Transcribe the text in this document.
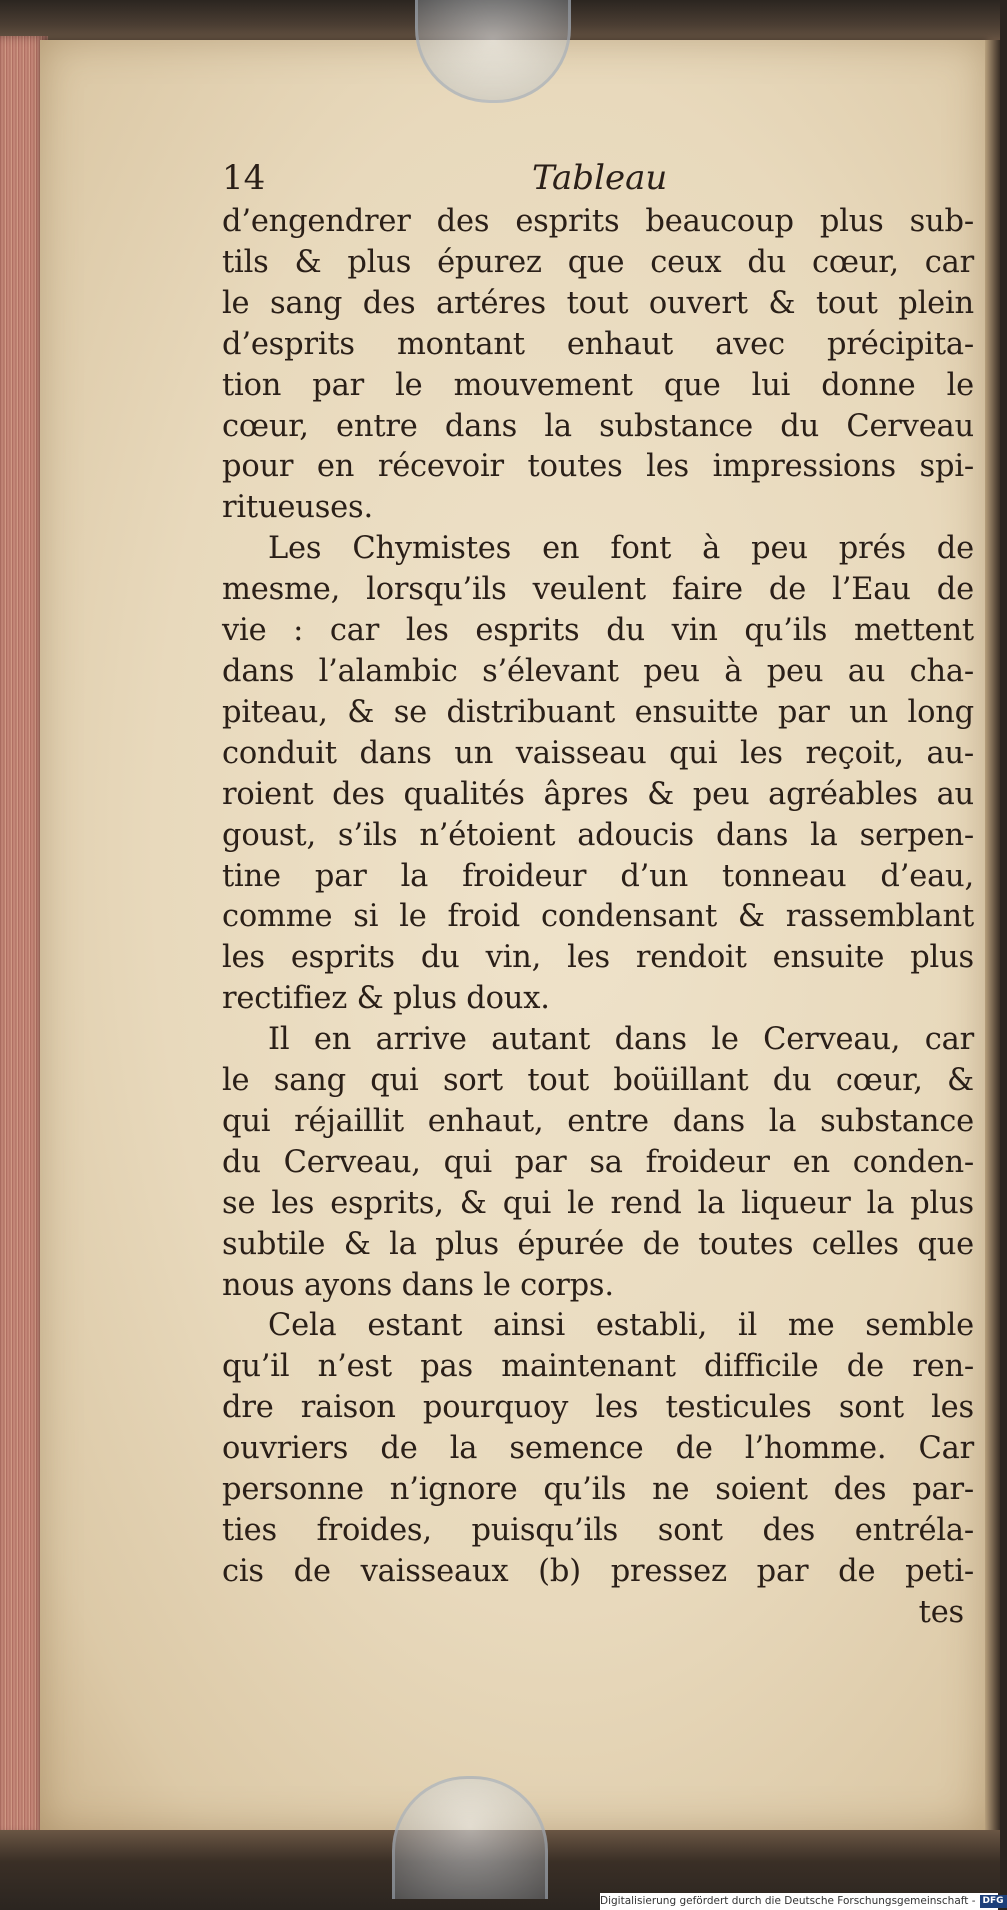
14	Tableau
d’engendrer des esprits beaucoup plus sub-
tils & plus épurez que ceux du cœur, car
le sang des artéres tout ouvert & tout plein
d’esprits montant enhaut avec précipita-
tion par le mouvement que lui donne le
cœur, entre dans la substance du Cerveau
pour en récevoir toutes les impressions spi-
ritueuses.
Les Chymistes en font à peu prés de
mesme, lorsqu’ils veulent faire de l’Eau de
vie : car les esprits du vin qu’ils mettent
dans l’alambic s’élevant peu à peu au cha-
piteau, & se distribuant ensuitte par un long
conduit dans un vaisseau qui les reçoit, au-
roient des qualités âpres & peu agréables au
goust, s’ils n’étoient adoucis dans la serpen-
tine par la froideur d’un tonneau d’eau,
comme si le froid condensant & rassemblant
les esprits du vin, les rendoit ensuite plus
rectifiez & plus doux.
Il en arrive autant dans le Cerveau, car
le sang qui sort tout boüillant du cœur, &
qui réjaillit enhaut, entre dans la substance
du Cerveau, qui par sa froideur en conden-
se les esprits, & qui le rend la liqueur la plus
subtile & la plus épurée de toutes celles que
nous ayons dans le corps.
Cela estant ainsi establi, il me semble
qu’il n’est pas maintenant difficile de ren-
dre raison pourquoy les testicules sont les
ouvriers de la semence de l’homme. Car
personne n’ignore qu’ils ne soient des par-
ties froides, puisqu’ils sont des entréla-
cis de vaisseaux (b) pressez par de peti-
tes
Digitalisierung gefördert durch die Deutsche Forschungsgemeinschaft - DFG
